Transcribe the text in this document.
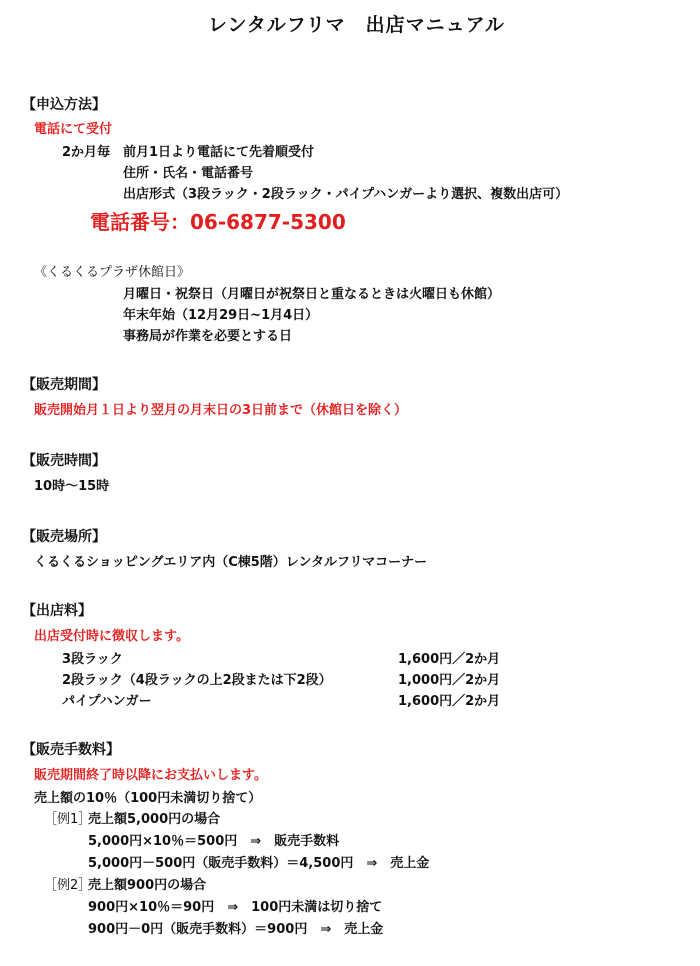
レンタルフリマ　出店マニュアル
【申込方法】
電話にて受付
2か月毎 前月1日より電話にて先着順受付
住所・氏名・電話番号
出店形式（3段ラック・2段ラック・パイプハンガーより選択、複数出店可）
電話番号：06-6877-5300
《くるくるプラザ休館日》
月曜日・祝祭日（月曜日が祝祭日と重なるときは火曜日も休館）
年末年始（12月29日~1月4日）
事務局が作業を必要とする日
【販売期間】
販売開始月１日より翌月の月末日の3日前まで（休館日を除く）
【販売時間】
10時～15時
【販売場所】
くるくるショッピングエリア内（C棟5階）レンタルフリマコーナー
【出店料】
出店受付時に徴収します。
3段ラック	1,600円／2か月
2段ラック（4段ラックの上2段または下2段）	1,000円／2か月
パイプハンガー	1,600円／2か月
【販売手数料】
販売期間終了時以降にお支払いします。
売上額の10％（100円未満切り捨て）
［例1］
売上額5,000円の場合
5,000円×10％＝500円　⇒　販売手数料
5,000円－500円（販売手数料）＝4,500円　⇒　売上金
［例2］
売上額900円の場合
900円×10％＝90円　⇒　100円未満は切り捨て
900円－0円（販売手数料）＝900円　⇒　売上金
